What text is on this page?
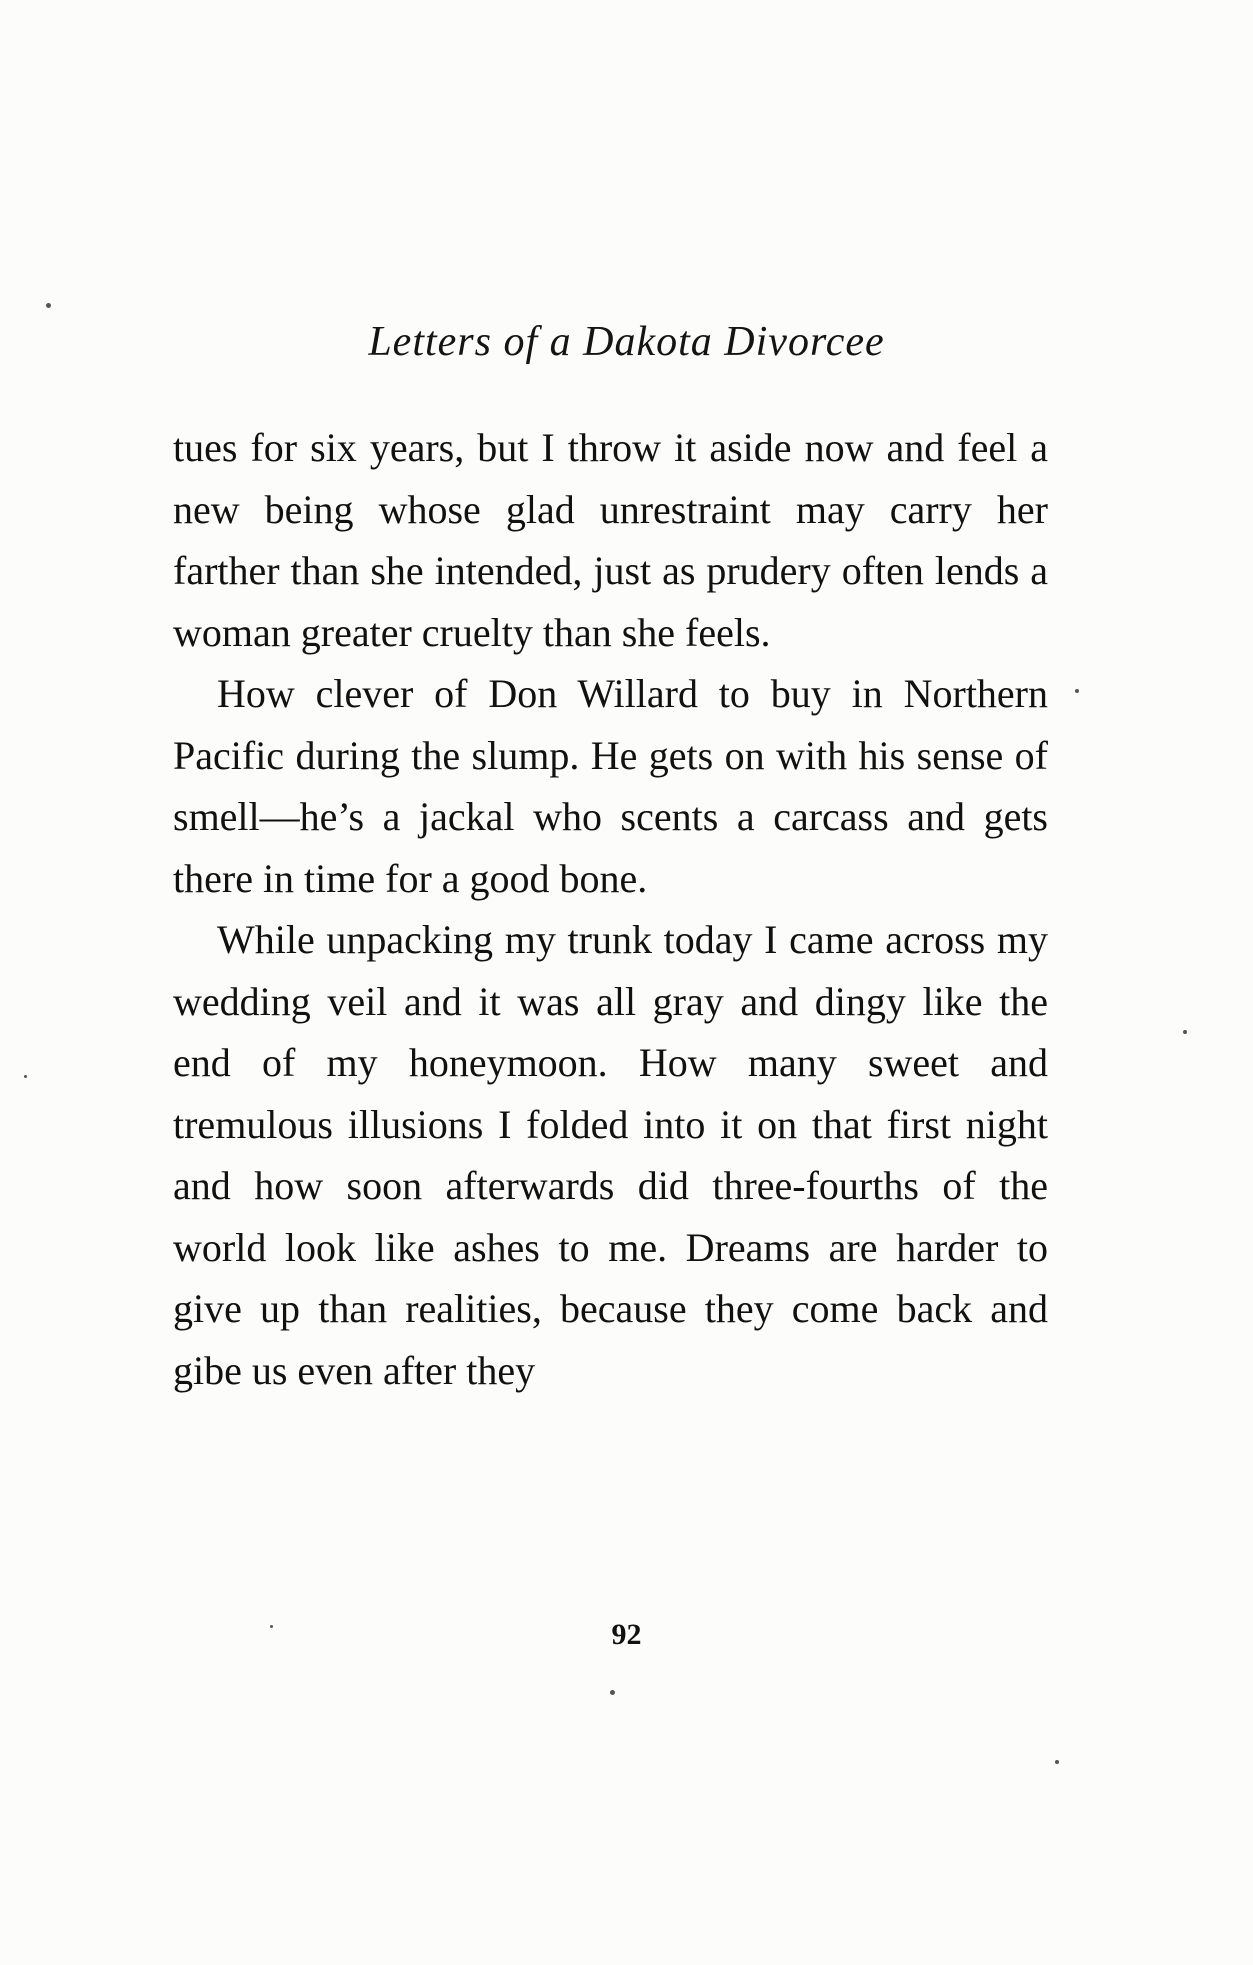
Letters of a Dakota Divorcee

tues for six years, but I throw it aside now and feel a new being whose glad unrestraint may carry her farther than she intended, just as prudery often lends a woman greater cruelty than she feels.

How clever of Don Willard to buy in Northern Pacific during the slump. He gets on with his sense of smell—he’s a jackal who scents a carcass and gets there in time for a good bone.

While unpacking my trunk today I came across my wedding veil and it was all gray and dingy like the end of my honeymoon. How many sweet and tremulous illusions I folded into it on that first night and how soon afterwards did three-fourths of the world look like ashes to me. Dreams are harder to give up than realities, because they come back and gibe us even after they

92
